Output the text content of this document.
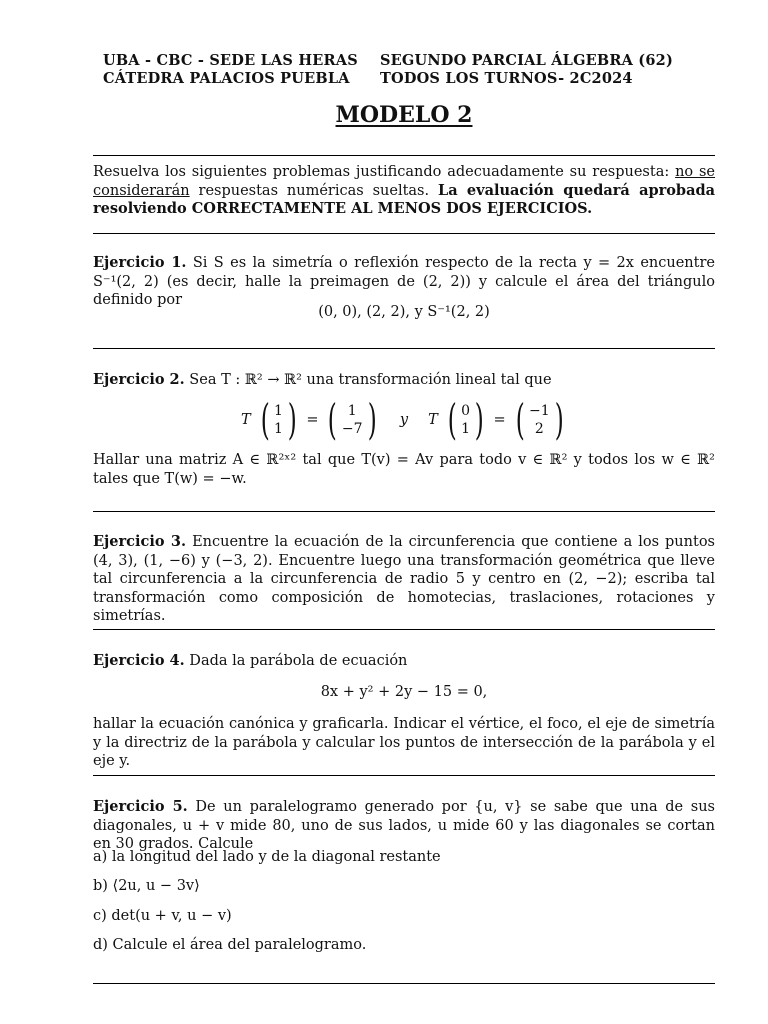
UBA - CBC - SEDE LAS HERAS
CÁTEDRA PALACIOS PUEBLA
SEGUNDO PARCIAL ÁLGEBRA (62)
TODOS LOS TURNOS- 2C2024
MODELO 2
Resuelva los siguientes problemas justificando adecuadamente su respuesta: no se considerarán respuestas numéricas sueltas. La evaluación quedará aprobada resolviendo CORRECTAMENTE AL MENOS DOS EJERCICIOS.
Ejercicio 1. Si S es la simetría o reflexión respecto de la recta y = 2x encuentre S⁻¹(2, 2) (es decir, halle la preimagen de (2, 2)) y calcule el área del triángulo definido por
(0, 0), (2, 2), y S⁻¹(2, 2)
Ejercicio 2. Sea T : ℝ² → ℝ² una transformación lineal tal que
T ( 1
1 ) = ( 1
−7 ) y T ( 0
1 ) = ( −1
2 )
Hallar una matriz A ∈ ℝ²ˣ² tal que T(v) = Av para todo v ∈ ℝ² y todos los w ∈ ℝ² tales que T(w) = −w.
Ejercicio 3. Encuentre la ecuación de la circunferencia que contiene a los puntos (4, 3), (1, −6) y (−3, 2). Encuentre luego una transformación geométrica que lleve tal circunferencia a la circunferencia de radio 5 y centro en (2, −2); escriba tal transformación como composición de homotecias, traslaciones, rotaciones y simetrías.
Ejercicio 4. Dada la parábola de ecuación
8x + y² + 2y − 15 = 0,
hallar la ecuación canónica y graficarla. Indicar el vértice, el foco, el eje de simetría y la directriz de la parábola y calcular los puntos de intersección de la parábola y el eje y.
Ejercicio 5. De un paralelogramo generado por {u, v} se sabe que una de sus diagonales, u + v mide 80, uno de sus lados, u mide 60 y las diagonales se cortan en 30 grados. Calcule
a) la longitud del lado y de la diagonal restante
b) ⟨2u, u − 3v⟩
c) det(u + v, u − v)
d) Calcule el área del paralelogramo.
